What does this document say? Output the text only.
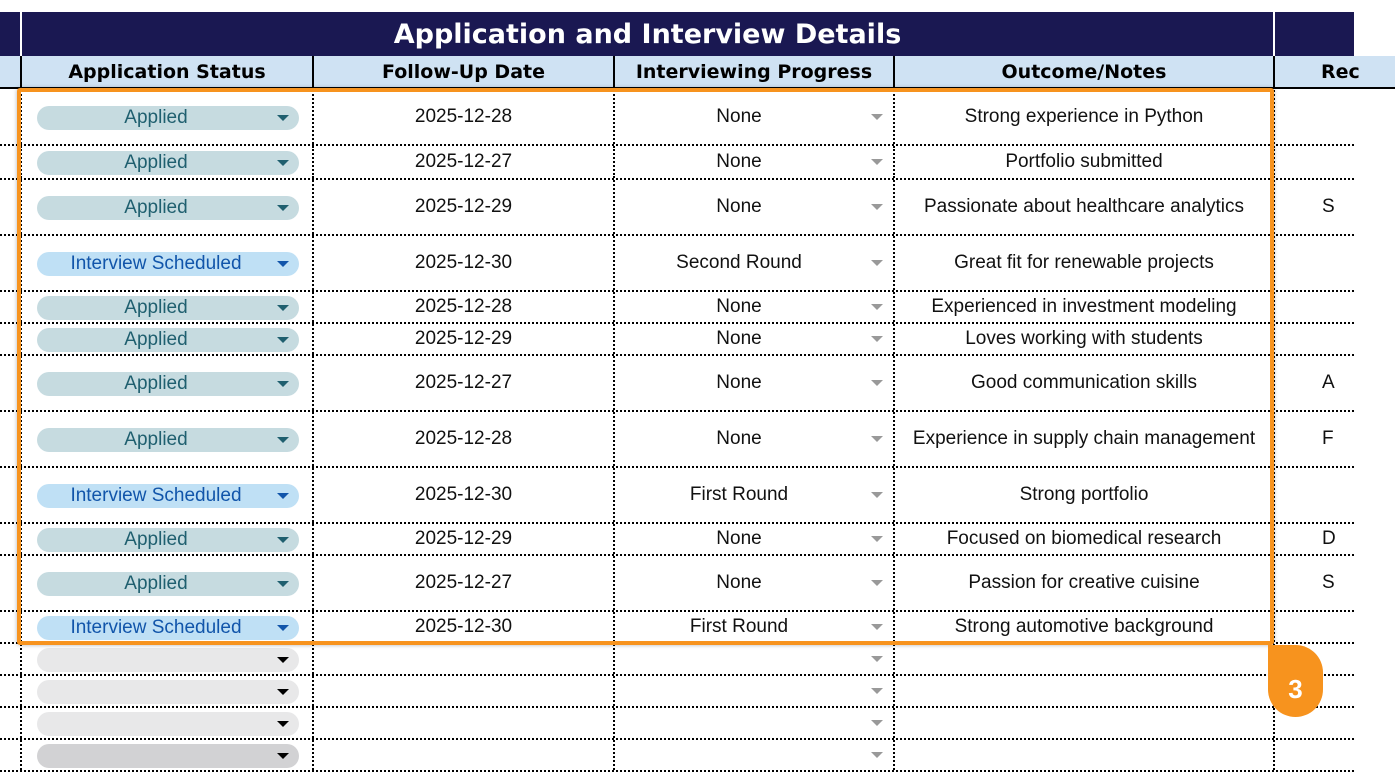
Application and Interview Details
Application Status	Follow-Up Date	Interviewing Progress	Outcome/Notes	Rec
Applied	2025-12-28	None	Strong experience in Python
Applied	2025-12-27	None	Portfolio submitted
Applied	2025-12-29	None	Passionate about healthcare analytics	S
Interview Scheduled	2025-12-30	Second Round	Great fit for renewable projects
Applied	2025-12-28	None	Experienced in investment modeling
Applied	2025-12-29	None	Loves working with students
Applied	2025-12-27	None	Good communication skills	A
Applied	2025-12-28	None	Experience in supply chain management	F
Interview Scheduled	2025-12-30	First Round	Strong portfolio
Applied	2025-12-29	None	Focused on biomedical research	D
Applied	2025-12-27	None	Passion for creative cuisine	S
Interview Scheduled	2025-12-30	First Round	Strong automotive background
3
